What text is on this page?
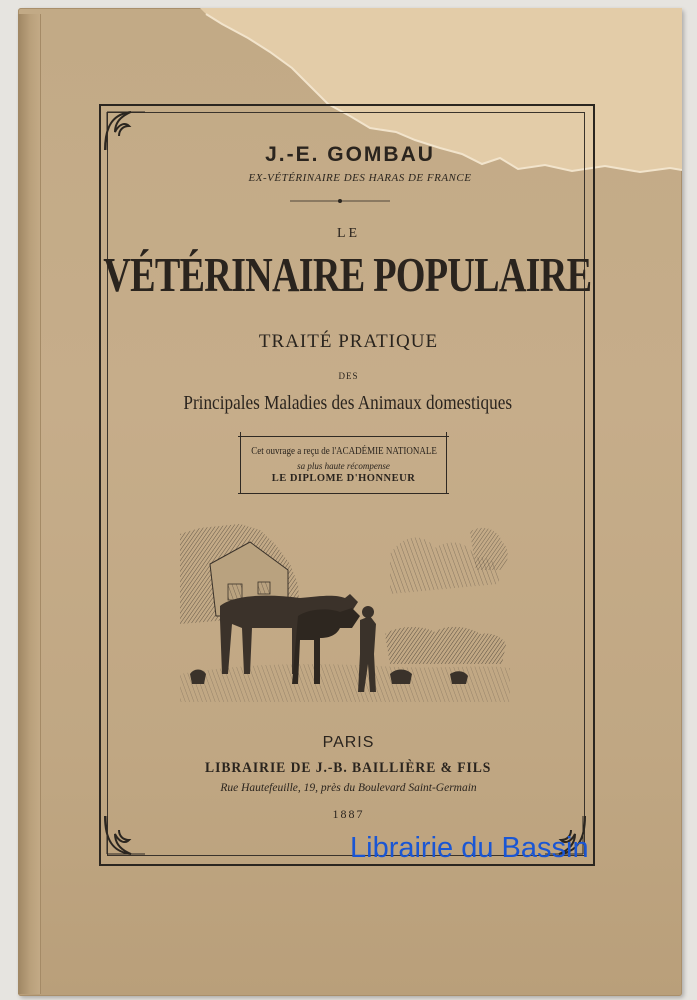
J.-E. GOMBAU
EX-VÉTÉRINAIRE DES HARAS DE FRANCE
LE
VÉTÉRINAIRE POPULAIRE
TRAITÉ PRATIQUE
DES
Principales Maladies des Animaux domestiques
Cet ouvrage a reçu de l'ACADÉMIE NATIONALE
sa plus haute récompense
LE DIPLOME D'HONNEUR
PARIS
LIBRAIRIE DE J.-B. BAILLIÈRE & FILS
Rue Hautefeuille, 19, près du Boulevard Saint-Germain
1887
Librairie du Bassin
